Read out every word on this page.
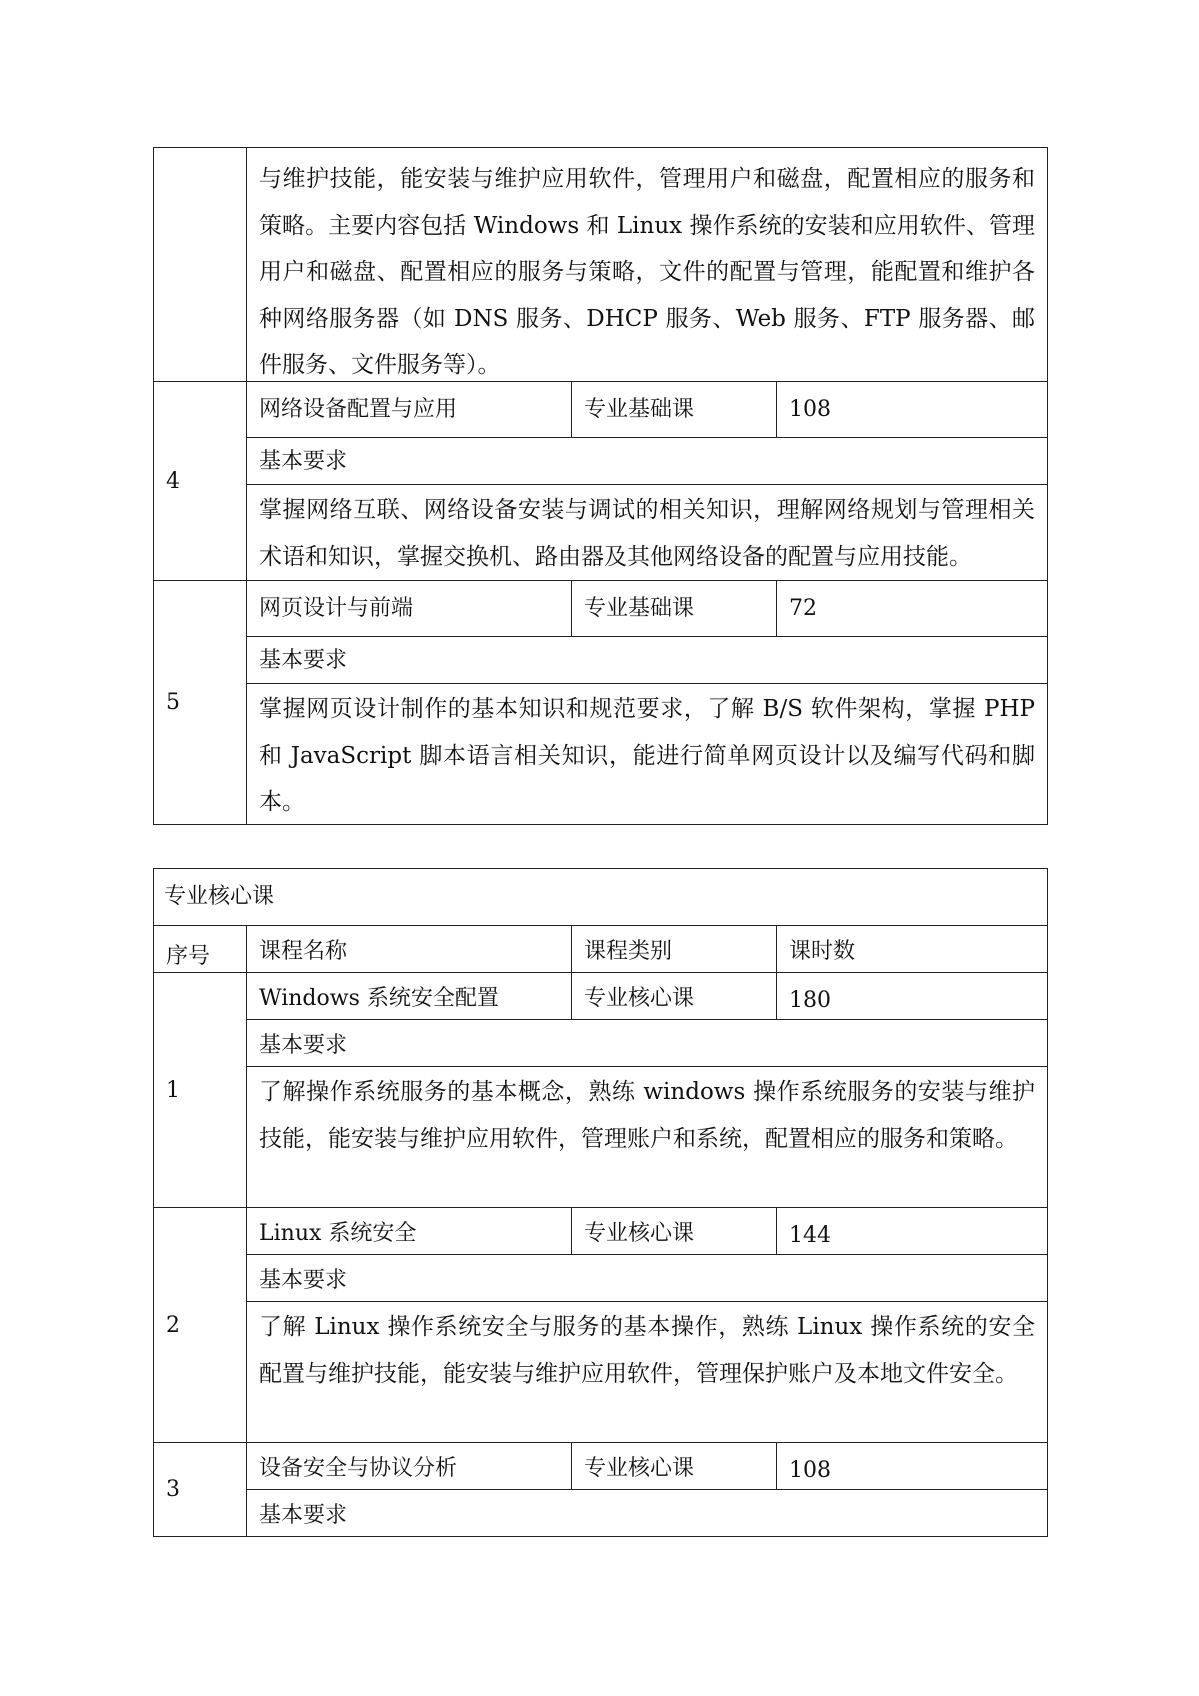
与维护技能，能安装与维护应用软件，管理用户和磁盘，配置相应的服务和策略。主要内容包括 Windows 和 Linux 操作系统的安装和应用软件、管理用户和磁盘、配置相应的服务与策略，文件的配置与管理，能配置和维护各种网络服务器（如 DNS 服务、DHCP 服务、Web 服务、FTP 服务器、邮件服务、文件服务等）。
4
网络设备配置与应用	专业基础课	108
基本要求
掌握网络互联、网络设备安装与调试的相关知识，理解网络规划与管理相关术语和知识，掌握交换机、路由器及其他网络设备的配置与应用技能。
5
网页设计与前端	专业基础课	72
基本要求
掌握网页设计制作的基本知识和规范要求，了解 B/S 软件架构，掌握 PHP 和 JavaScript 脚本语言相关知识，能进行简单网页设计以及编写代码和脚本。
专业核心课
序号	课程名称	课程类别	课时数
1
Windows 系统安全配置	专业核心课	180
基本要求
了解操作系统服务的基本概念，熟练 windows 操作系统服务的安装与维护技能，能安装与维护应用软件，管理账户和系统，配置相应的服务和策略。
2
Linux 系统安全	专业核心课	144
基本要求
了解 Linux 操作系统安全与服务的基本操作，熟练 Linux 操作系统的安全配置与维护技能，能安装与维护应用软件，管理保护账户及本地文件安全。
3
设备安全与协议分析	专业核心课	108
基本要求
